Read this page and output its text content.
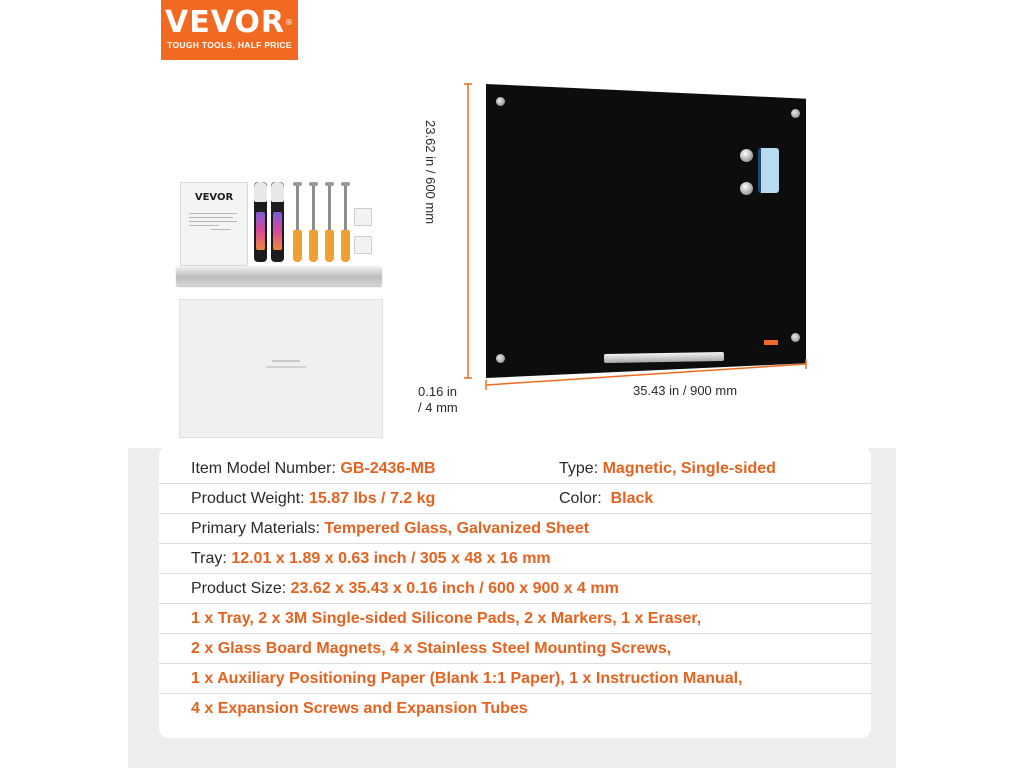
VEVOR®
TOUGH TOOLS, HALF PRICE
VEVOR	23.62 in / 600 mm
35.43 in / 900 mm
0.16 in
/ 4 mm
Item Model Number: GB-2436-MB	Type: Magnetic, Single-sided
Product Weight: 15.87 lbs / 7.2 kg	Color: Black
Primary Materials: Tempered Glass, Galvanized Sheet
Tray: 12.01 x 1.89 x 0.63 inch / 305 x 48 x 16 mm
Product Size: 23.62 x 35.43 x 0.16 inch / 600 x 900 x 4 mm
1 x Tray, 2 x 3M Single-sided Silicone Pads, 2 x Markers, 1 x Eraser,
2 x Glass Board Magnets, 4 x Stainless Steel Mounting Screws,
1 x Auxiliary Positioning Paper (Blank 1:1 Paper), 1 x Instruction Manual,
4 x Expansion Screws and Expansion Tubes
